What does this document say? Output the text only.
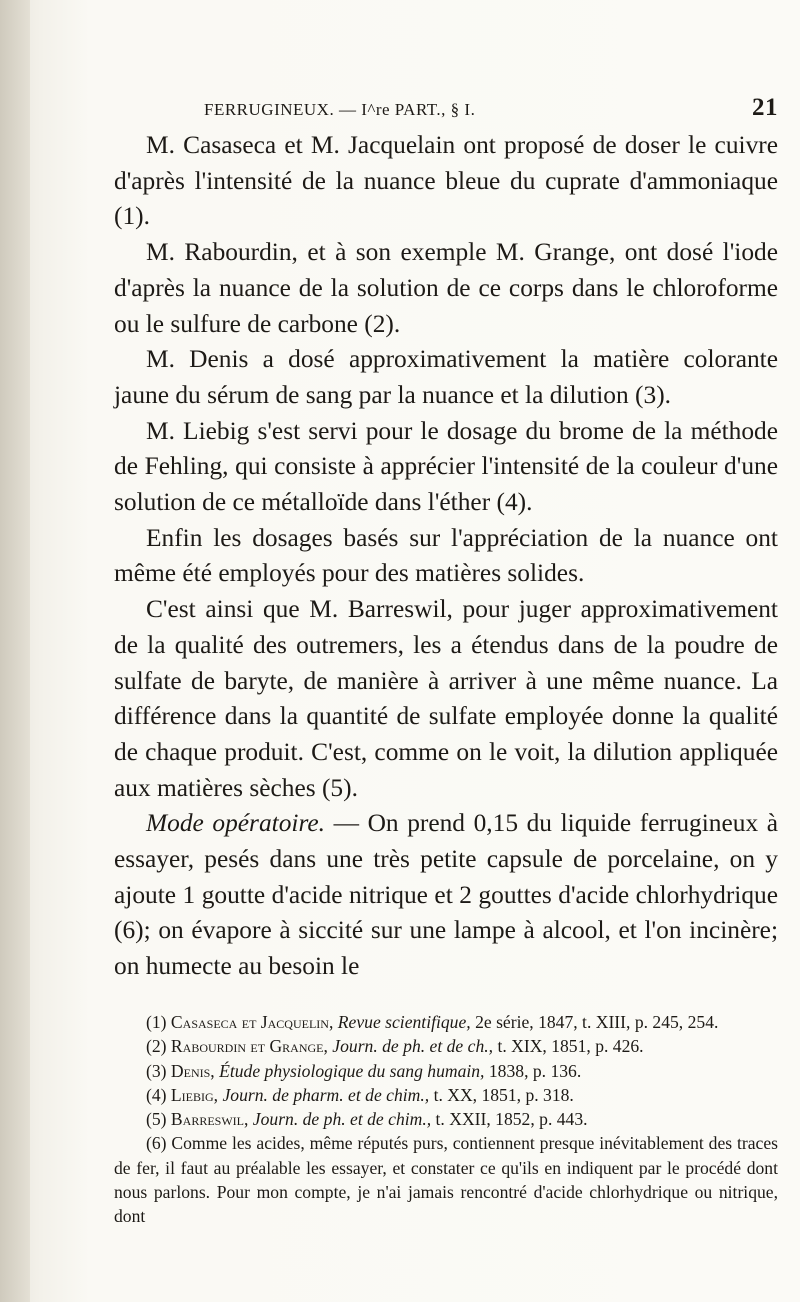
FERRUGINEUX. — I^re PART., § I.	21

M. Casaseca et M. Jacquelain ont proposé de doser le cuivre d'après l'intensité de la nuance bleue du cuprate d'ammoniaque (1).

M. Rabourdin, et à son exemple M. Grange, ont dosé l'iode d'après la nuance de la solution de ce corps dans le chloroforme ou le sulfure de carbone (2).

M. Denis a dosé approximativement la matière colorante jaune du sérum de sang par la nuance et la dilution (3).

M. Liebig s'est servi pour le dosage du brome de la méthode de Fehling, qui consiste à apprécier l'intensité de la couleur d'une solution de ce métalloïde dans l'éther (4).

Enfin les dosages basés sur l'appréciation de la nuance ont même été employés pour des matières solides.

C'est ainsi que M. Barreswil, pour juger approximativement de la qualité des outremers, les a étendus dans de la poudre de sulfate de baryte, de manière à arriver à une même nuance. La différence dans la quantité de sulfate employée donne la qualité de chaque produit. C'est, comme on le voit, la dilution appliquée aux matières sèches (5).

Mode opératoire. — On prend 0,15 du liquide ferrugineux à essayer, pesés dans une très petite capsule de porcelaine, on y ajoute 1 goutte d'acide nitrique et 2 gouttes d'acide chlorhydrique (6); on évapore à siccité sur une lampe à alcool, et l'on incinère; on humecte au besoin le

(1) Casaseca et Jacquelin, Revue scientifique, 2e série, 1847, t. XIII, p. 245, 254.

(2) Rabourdin et Grange, Journ. de ph. et de ch., t. XIX, 1851, p. 426.

(3) Denis, Étude physiologique du sang humain, 1838, p. 136.

(4) Liebig, Journ. de pharm. et de chim., t. XX, 1851, p. 318.

(5) Barreswil, Journ. de ph. et de chim., t. XXII, 1852, p. 443.

(6) Comme les acides, même réputés purs, contiennent presque inévitablement des traces de fer, il faut au préalable les essayer, et constater ce qu'ils en indiquent par le procédé dont nous parlons. Pour mon compte, je n'ai jamais rencontré d'acide chlorhydrique ou nitrique, dont
